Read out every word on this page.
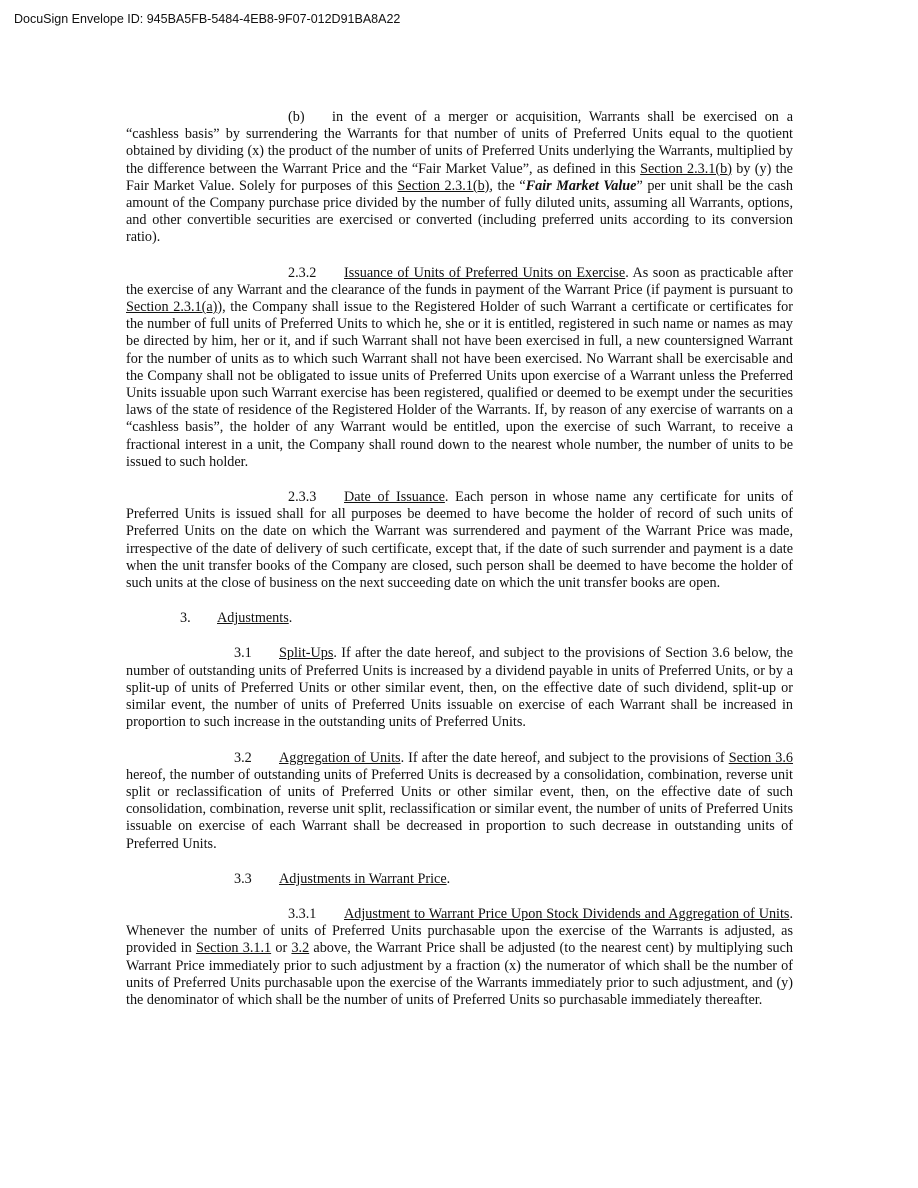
DocuSign Envelope ID: 945BA5FB-5484-4EB8-9F07-012D91BA8A22

(b) in the event of a merger or acquisition, Warrants shall be exercised on a “cashless basis” by surrendering the Warrants for that number of units of Preferred Units equal to the quotient obtained by dividing (x) the product of the number of units of Preferred Units underlying the Warrants, multiplied by the difference between the Warrant Price and the “Fair Market Value”, as defined in this Section 2.3.1(b) by (y) the Fair Market Value. Solely for purposes of this Section 2.3.1(b), the “Fair Market Value” per unit shall be the cash amount of the Company purchase price divided by the number of fully diluted units, assuming all Warrants, options, and other convertible securities are exercised or converted (including preferred units according to its conversion ratio).

2.3.2 Issuance of Units of Preferred Units on Exercise. As soon as practicable after the exercise of any Warrant and the clearance of the funds in payment of the Warrant Price (if payment is pursuant to Section 2.3.1(a)), the Company shall issue to the Registered Holder of such Warrant a certificate or certificates for the number of full units of Preferred Units to which he, she or it is entitled, registered in such name or names as may be directed by him, her or it, and if such Warrant shall not have been exercised in full, a new countersigned Warrant for the number of units as to which such Warrant shall not have been exercised. No Warrant shall be exercisable and the Company shall not be obligated to issue units of Preferred Units upon exercise of a Warrant unless the Preferred Units issuable upon such Warrant exercise has been registered, qualified or deemed to be exempt under the securities laws of the state of residence of the Registered Holder of the Warrants. If, by reason of any exercise of warrants on a “cashless basis”, the holder of any Warrant would be entitled, upon the exercise of such Warrant, to receive a fractional interest in a unit, the Company shall round down to the nearest whole number, the number of units to be issued to such holder.

2.3.3 Date of Issuance. Each person in whose name any certificate for units of Preferred Units is issued shall for all purposes be deemed to have become the holder of record of such units of Preferred Units on the date on which the Warrant was surrendered and payment of the Warrant Price was made, irrespective of the date of delivery of such certificate, except that, if the date of such surrender and payment is a date when the unit transfer books of the Company are closed, such person shall be deemed to have become the holder of such units at the close of business on the next succeeding date on which the unit transfer books are open.

3. Adjustments.

3.1 Split-Ups. If after the date hereof, and subject to the provisions of Section 3.6 below, the number of outstanding units of Preferred Units is increased by a dividend payable in units of Preferred Units, or by a split-up of units of Preferred Units or other similar event, then, on the effective date of such dividend, split-up or similar event, the number of units of Preferred Units issuable on exercise of each Warrant shall be increased in proportion to such increase in the outstanding units of Preferred Units.

3.2 Aggregation of Units. If after the date hereof, and subject to the provisions of Section 3.6 hereof, the number of outstanding units of Preferred Units is decreased by a consolidation, combination, reverse unit split or reclassification of units of Preferred Units or other similar event, then, on the effective date of such consolidation, combination, reverse unit split, reclassification or similar event, the number of units of Preferred Units issuable on exercise of each Warrant shall be decreased in proportion to such decrease in outstanding units of Preferred Units.

3.3 Adjustments in Warrant Price.

3.3.1 Adjustment to Warrant Price Upon Stock Dividends and Aggregation of Units. Whenever the number of units of Preferred Units purchasable upon the exercise of the Warrants is adjusted, as provided in Section 3.1.1 or 3.2 above, the Warrant Price shall be adjusted (to the nearest cent) by multiplying such Warrant Price immediately prior to such adjustment by a fraction (x) the numerator of which shall be the number of units of Preferred Units purchasable upon the exercise of the Warrants immediately prior to such adjustment, and (y) the denominator of which shall be the number of units of Preferred Units so purchasable immediately thereafter.
